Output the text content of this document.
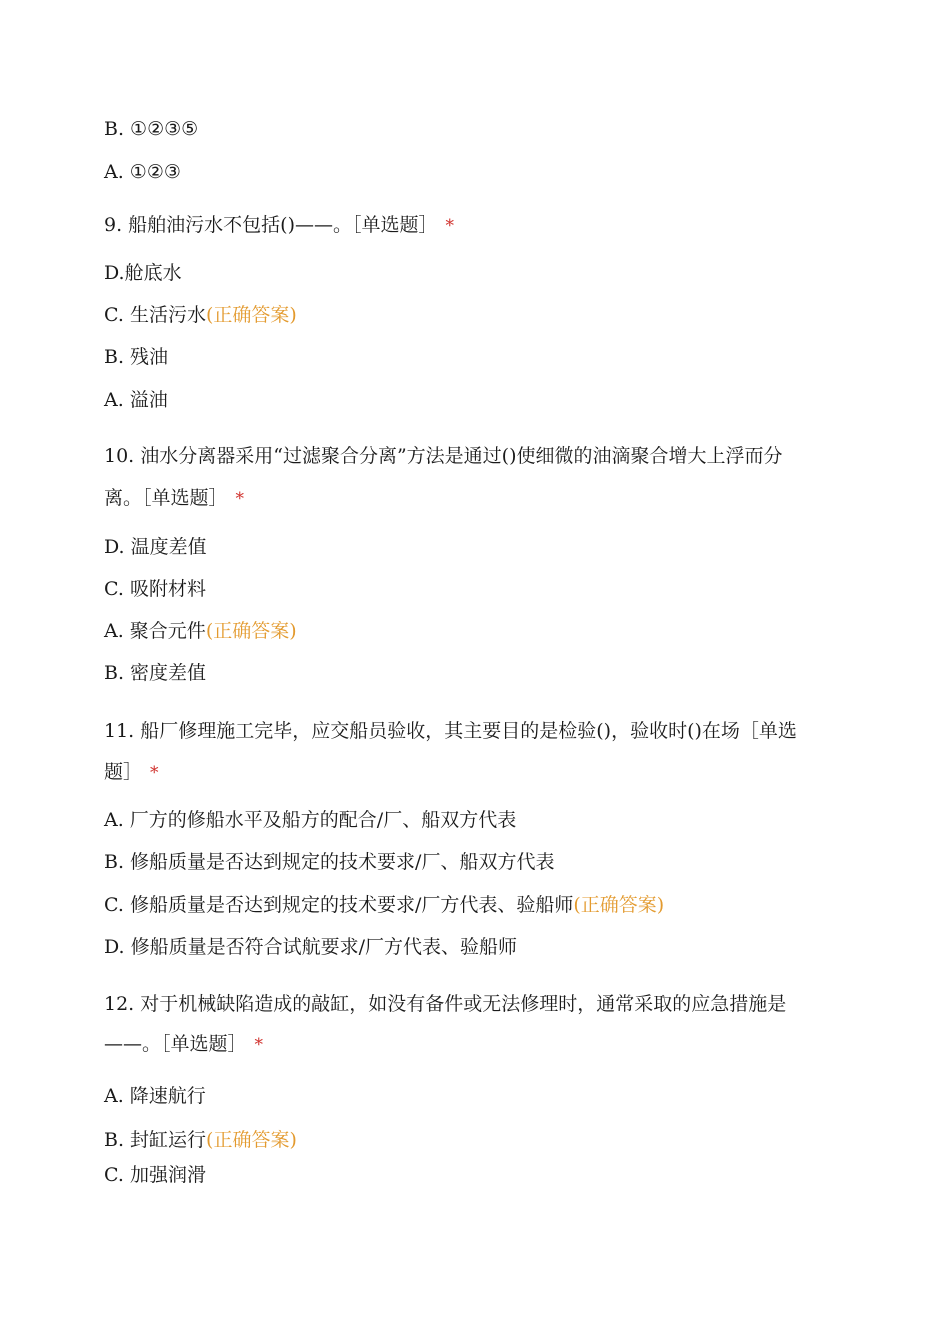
B. ①②③⑤
A. ①②③
9. 船舶油污水不包括()——。［单选题］ *
D.舱底水
C. 生活污水(正确答案)
B. 残油
A. 溢油
10. 油水分离器采用“过滤聚合分离”方法是通过()使细微的油滴聚合增大上浮而分
离。［单选题］ *
D. 温度差值
C. 吸附材料
A. 聚合元件(正确答案)
B. 密度差值
11. 船厂修理施工完毕，应交船员验收，其主要目的是检验()，验收时()在场［单选
题］ *
A. 厂方的修船水平及船方的配合/厂、船双方代表
B. 修船质量是否达到规定的技术要求/厂、船双方代表
C. 修船质量是否达到规定的技术要求/厂方代表、验船师(正确答案)
D. 修船质量是否符合试航要求/厂方代表、验船师
12. 对于机械缺陷造成的敲缸，如没有备件或无法修理时，通常采取的应急措施是
——。［单选题］ *
A. 降速航行
B. 封缸运行(正确答案)
C. 加强润滑
